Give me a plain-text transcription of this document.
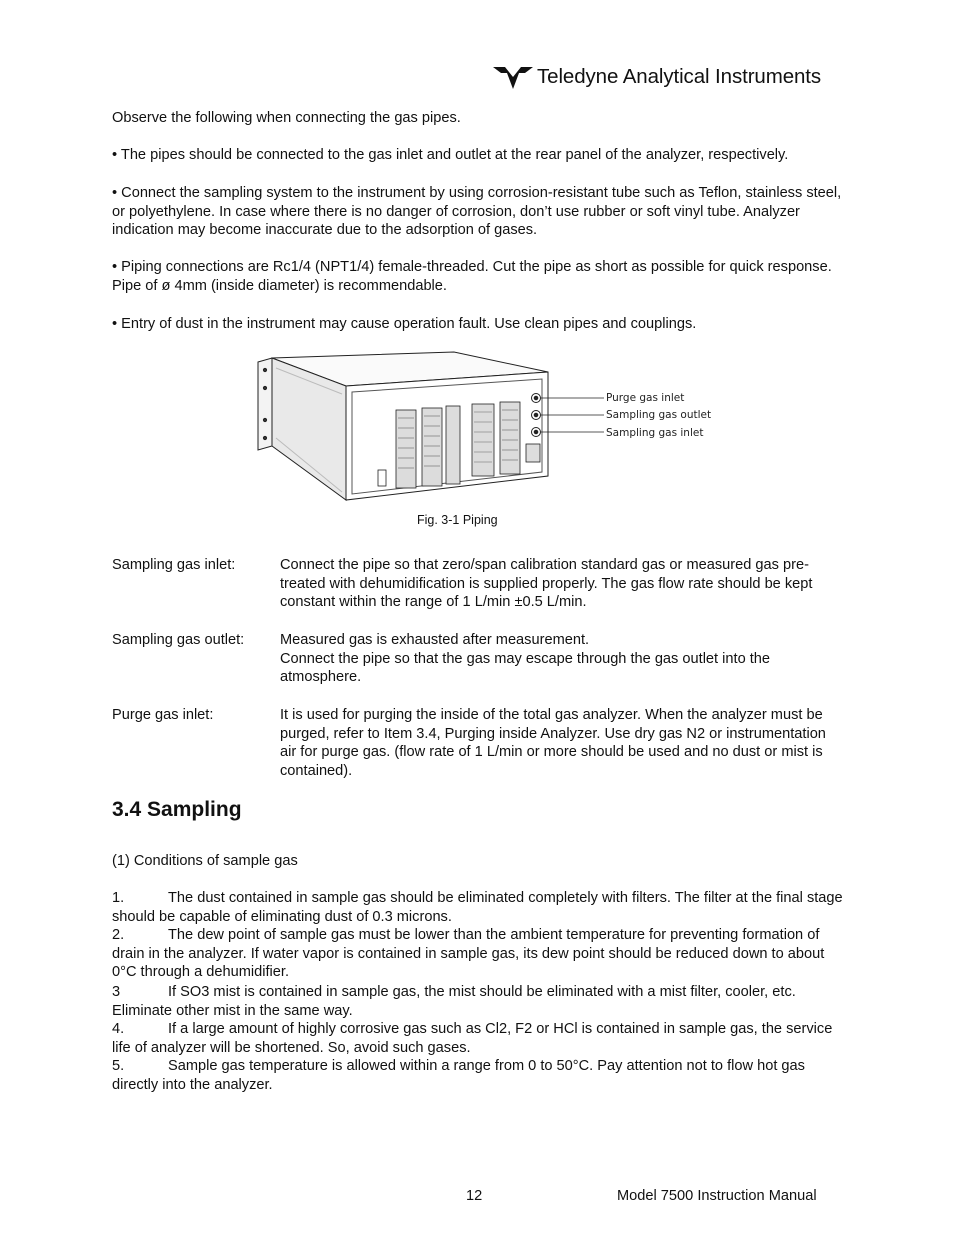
Teledyne Analytical Instruments

Observe the following when connecting the gas pipes.

• The pipes should be connected to the gas inlet and outlet at the rear panel of the analyzer, respectively.

• Connect the sampling system to the instrument by using corrosion-resistant tube such as Teflon, stainless steel, or polyethylene. In case where there is no danger of corrosion, don’t use rubber or soft vinyl tube. Analyzer indication may become inaccurate due to the adsorption of gases.

• Piping connections are Rc1/4 (NPT1/4) female-threaded. Cut the pipe as short as possible for quick response. Pipe of ø 4mm (inside diameter) is recommendable.

• Entry of dust in the instrument may cause operation fault. Use clean pipes and couplings.

Purge gas inlet
Sampling gas outlet
Sampling gas inlet
Fig. 3-1 Piping
Sampling gas inlet:	Connect the pipe so that zero/span calibration standard gas or measured gas pre-treated with dehumidification is supplied properly. The gas flow rate should be kept constant within the range of 1 L/min ±0.5 L/min.
Sampling gas outlet: Measured gas is exhausted after measurement.
Connect the pipe so that the gas may escape through the gas outlet into the atmosphere.
Purge gas inlet:	It is used for purging the inside of the total gas analyzer. When the analyzer must be purged, refer to Item 3.4, Purging inside Analyzer. Use dry gas N2 or instrumentation air for purge gas. (flow rate of 1 L/min or more should be used and no dust or mist is contained).
3.4 Sampling

(1) Conditions of sample gas

1.	The dust contained in sample gas should be eliminated completely with filters. The filter at the final stage should be capable of eliminating dust of 0.3 microns.

2.	The dew point of sample gas must be lower than the ambient temperature for preventing formation of drain in the analyzer. If water vapor is contained in sample gas, its dew point should be reduced down to about 0°C through a dehumidifier.

3	If SO3 mist is contained in sample gas, the mist should be eliminated with a mist filter, cooler, etc. Eliminate other mist in the same way.

4.	If a large amount of highly corrosive gas such as Cl2, F2 or HCl is contained in sample gas, the service life of analyzer will be shortened. So, avoid such gases.

5.	Sample gas temperature is allowed within a range from 0 to 50°C. Pay attention not to flow hot gas directly into the analyzer.

12	Model 7500 Instruction Manual
